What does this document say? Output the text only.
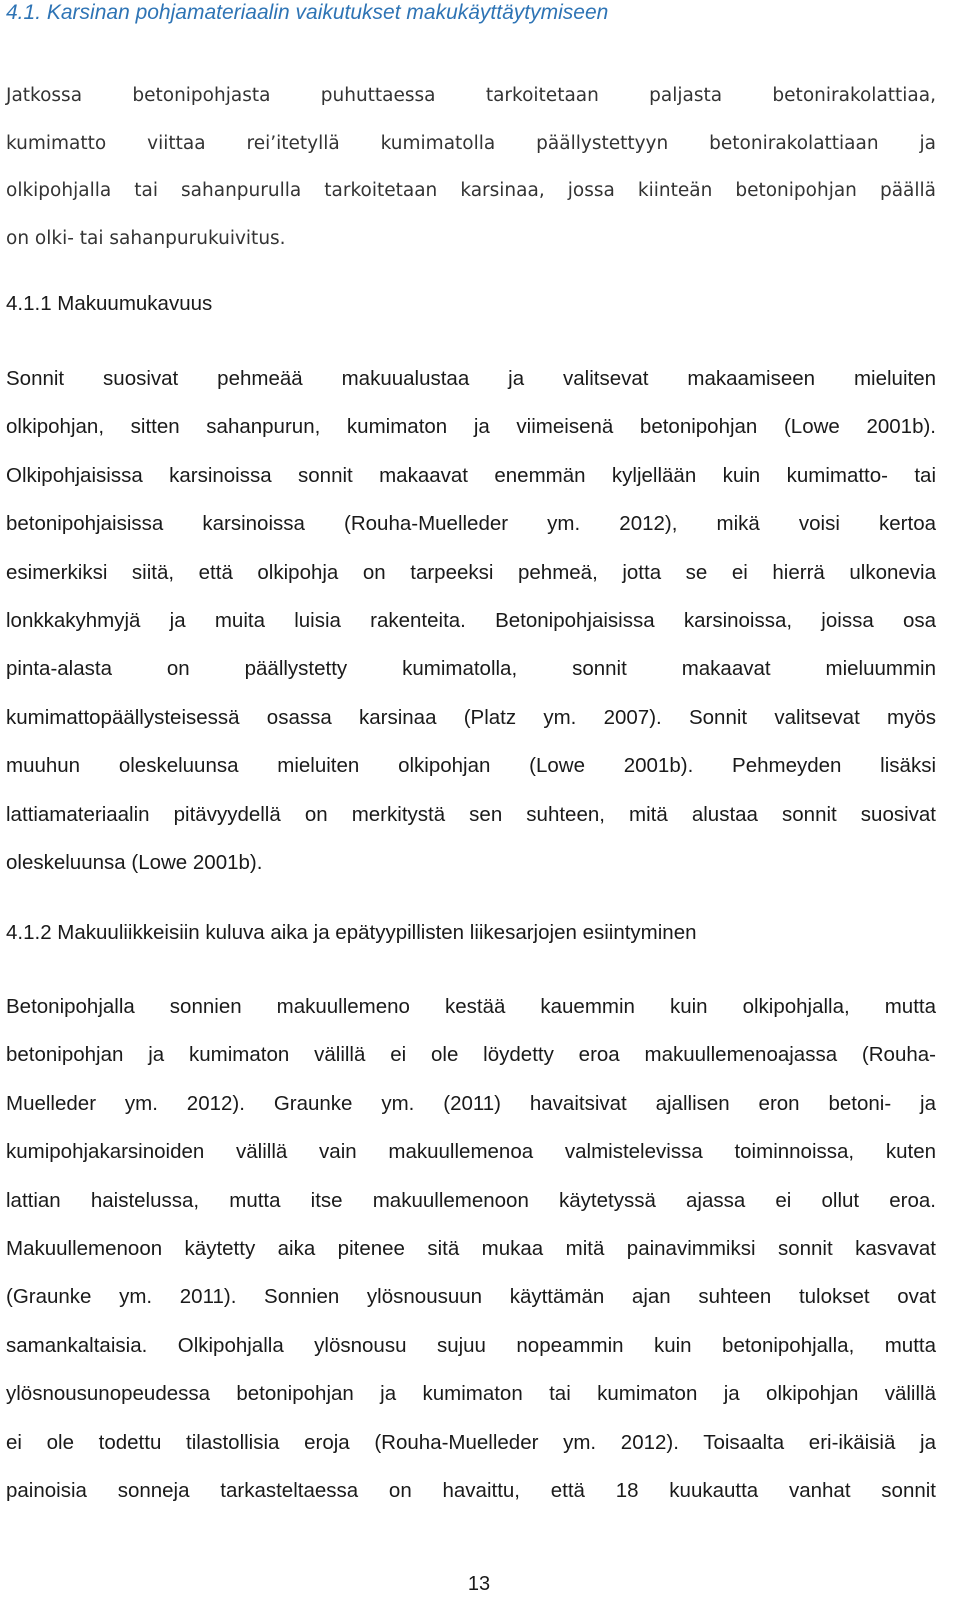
4.1. Karsinan pohjamateriaalin vaikutukset makukäyttäytymiseen
Jatkossa betonipohjasta puhuttaessa tarkoitetaan paljasta betonirakolattiaa,
kumimatto viittaa rei’itetyllä kumimatolla päällystettyyn betonirakolattiaan ja
olkipohjalla tai sahanpurulla tarkoitetaan karsinaa, jossa kiinteän betonipohjan päällä
on olki- tai sahanpurukuivitus.
4.1.1 Makuumukavuus
Sonnit suosivat pehmeää makuualustaa ja valitsevat makaamiseen mieluiten
olkipohjan, sitten sahanpurun, kumimaton ja viimeisenä betonipohjan (Lowe 2001b).
Olkipohjaisissa karsinoissa sonnit makaavat enemmän kyljellään kuin kumimatto- tai
betonipohjaisissa karsinoissa (Rouha-Muelleder ym. 2012), mikä voisi kertoa
esimerkiksi siitä, että olkipohja on tarpeeksi pehmeä, jotta se ei hierrä ulkonevia
lonkkakyhmyjä ja muita luisia rakenteita. Betonipohjaisissa karsinoissa, joissa osa
pinta-alasta on päällystetty kumimatolla, sonnit makaavat mieluummin
kumimattopäällysteisessä osassa karsinaa (Platz ym. 2007). Sonnit valitsevat myös
muuhun oleskeluunsa mieluiten olkipohjan (Lowe 2001b). Pehmeyden lisäksi
lattiamateriaalin pitävyydellä on merkitystä sen suhteen, mitä alustaa sonnit suosivat
oleskeluunsa (Lowe 2001b).
4.1.2 Makuuliikkeisiin kuluva aika ja epätyypillisten liikesarjojen esiintyminen
Betonipohjalla sonnien makuullemeno kestää kauemmin kuin olkipohjalla, mutta
betonipohjan ja kumimaton välillä ei ole löydetty eroa makuullemenoajassa (Rouha-
Muelleder ym. 2012). Graunke ym. (2011) havaitsivat ajallisen eron betoni- ja
kumipohjakarsinoiden välillä vain makuullemenoa valmistelevissa toiminnoissa, kuten
lattian haistelussa, mutta itse makuullemenoon käytetyssä ajassa ei ollut eroa.
Makuullemenoon käytetty aika pitenee sitä mukaa mitä painavimmiksi sonnit kasvavat
(Graunke ym. 2011). Sonnien ylösnousuun käyttämän ajan suhteen tulokset ovat
samankaltaisia. Olkipohjalla ylösnousu sujuu nopeammin kuin betonipohjalla, mutta
ylösnousunopeudessa betonipohjan ja kumimaton tai kumimaton ja olkipohjan välillä
ei ole todettu tilastollisia eroja (Rouha-Muelleder ym. 2012). Toisaalta eri-ikäisiä ja
painoisia sonneja tarkasteltaessa on havaittu, että 18 kuukautta vanhat sonnit
13
